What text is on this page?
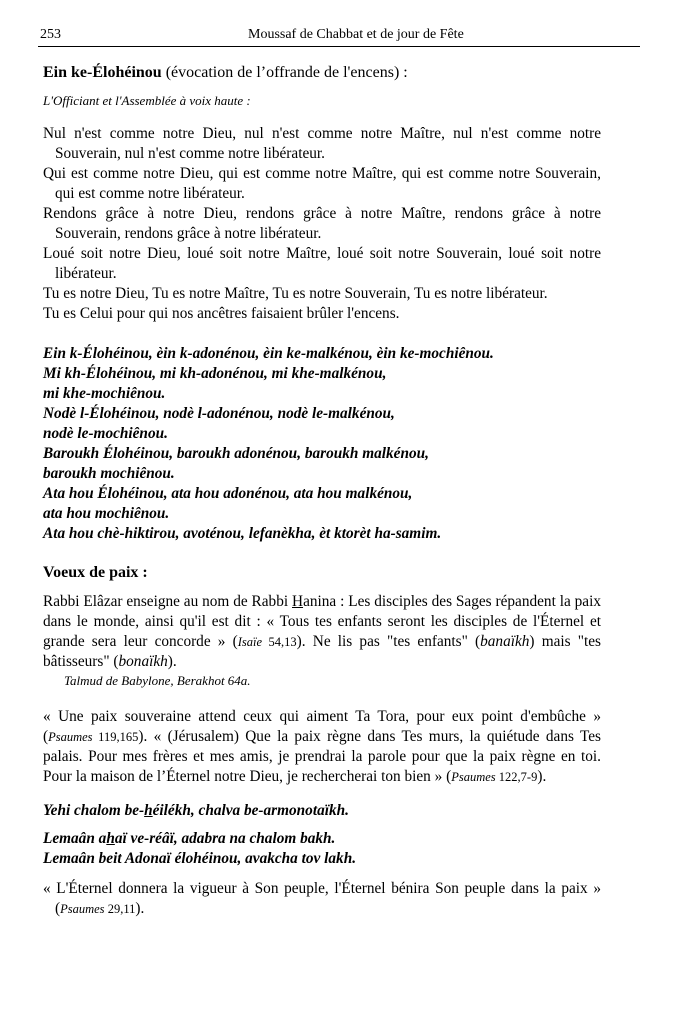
253	Moussaf de Chabbat et de jour de Fête
Ein ke-Élohéinou (évocation de l’offrande de l'encens) :
L'Officiant et l'Assemblée à voix haute :
Nul n'est comme notre Dieu, nul n'est comme notre Maître, nul n'est comme notre Souverain, nul n'est comme notre libérateur.
Qui est comme notre Dieu, qui est comme notre Maître, qui est comme notre Souverain, qui est comme notre libérateur.
Rendons grâce à notre Dieu, rendons grâce à notre Maître, rendons grâce à notre Souverain, rendons grâce à notre libérateur.
Loué soit notre Dieu, loué soit notre Maître, loué soit notre Souverain, loué soit notre libérateur.
Tu es notre Dieu, Tu es notre Maître, Tu es notre Souverain, Tu es notre libérateur.
Tu es Celui pour qui nos ancêtres faisaient brûler l'encens.
Ein k-Élohéinou, èin k-adonénou, èin ke-malkénou, èin ke-mochiênou.
Mi kh-Élohéinou, mi kh-adonénou, mi khe-malkénou,
mi khe-mochiênou.
Nodè l-Élohéinou, nodè l-adonénou, nodè le-malkénou,
nodè le-mochiênou.
Baroukh Élohéinou, baroukh adonénou, baroukh malkénou,
baroukh mochiênou.
Ata hou Élohéinou, ata hou adonénou, ata hou malkénou,
ata hou mochiênou.
Ata hou chè-hiktirou, avoténou, lefanèkha, èt ktorèt ha-samim.
Voeux de paix :
Rabbi Elâzar enseigne au nom de Rabbi Hanina : Les disciples des Sages répandent la paix dans le monde, ainsi qu'il est dit : « Tous tes enfants seront les disciples de l'Éternel et grande sera leur concorde » (Isaïe 54,13). Ne lis pas "tes enfants" (banaïkh) mais "tes bâtisseurs" (bonaïkh).
Talmud de Babylone, Berakhot 64a.
« Une paix souveraine attend ceux qui aiment Ta Tora, pour eux point d'embûche » (Psaumes 119,165). « (Jérusalem) Que la paix règne dans Tes murs, la quiétude dans Tes palais. Pour mes frères et mes amis, je prendrai la parole pour que la paix règne en toi. Pour la maison de l’Éternel notre Dieu, je rechercherai ton bien » (Psaumes 122,7-9).
Yehi chalom be-héilékh, chalva be-armonotaïkh.
Lemaân ahaï ve-réâï, adabra na chalom bakh.
Lemaân beit Adonaï élohéinou, avakcha tov lakh.
« L'Éternel donnera la vigueur à Son peuple, l'Éternel bénira Son peuple dans la paix » (Psaumes 29,11).
